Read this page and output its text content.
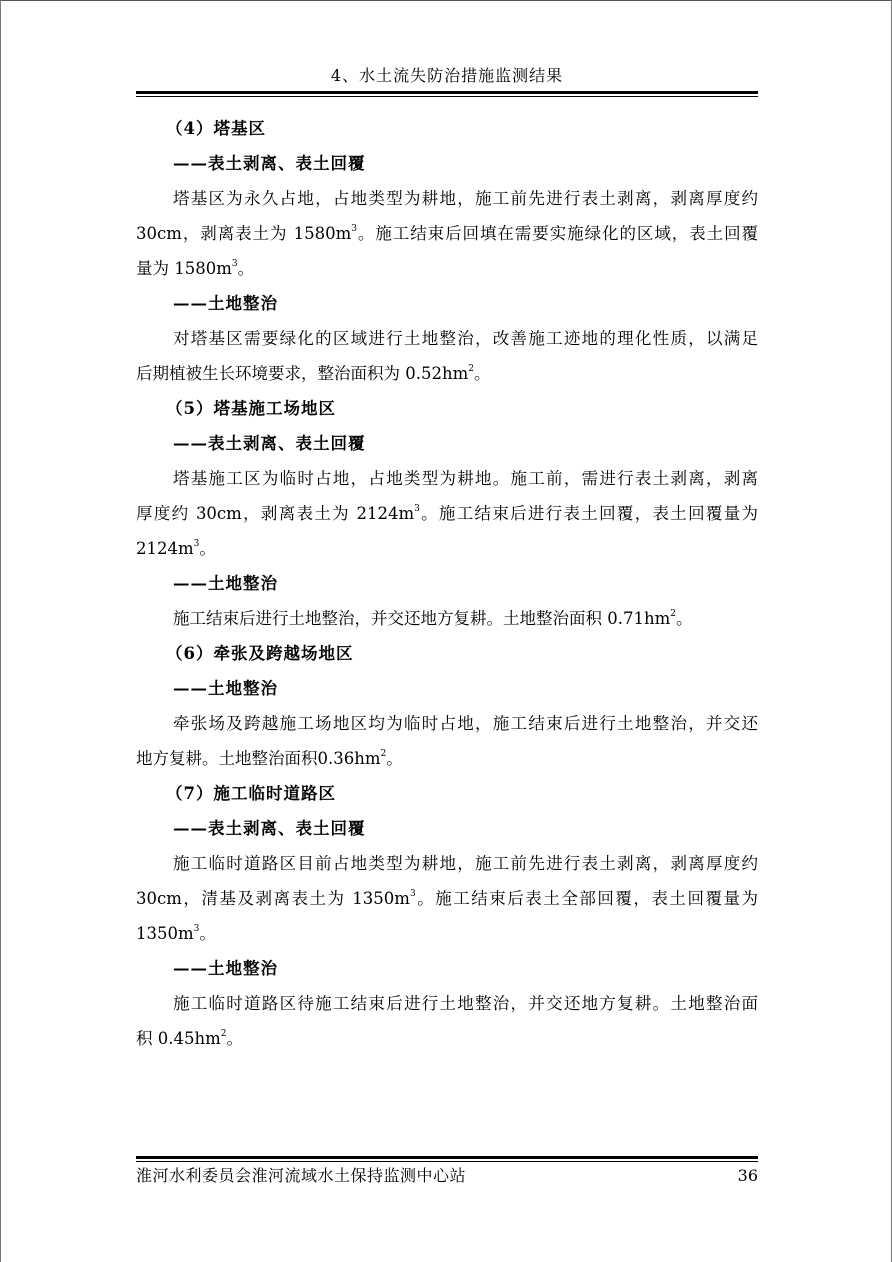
4、水土流失防治措施监测结果
（4）塔基区
——表土剥离、表土回覆
塔基区为永久占地，占地类型为耕地，施工前先进行表土剥离，剥离厚度约
30cm，剥离表土为 $1580m^3$。施工结束后回填在需要实施绿化的区域，表土回覆
量为 $1580m^3$。
——土地整治
对塔基区需要绿化的区域进行土地整治，改善施工迹地的理化性质，以满足
后期植被生长环境要求，整治面积为 $0.52hm^2$。
（5）塔基施工场地区
——表土剥离、表土回覆
塔基施工区为临时占地，占地类型为耕地。施工前，需进行表土剥离，剥离
厚度约 30cm，剥离表土为 $2124m^3$。施工结束后进行表土回覆，表土回覆量为
$2124m^3$。
——土地整治
施工结束后进行土地整治，并交还地方复耕。土地整治面积 $0.71hm^2$。
（6）牵张及跨越场地区
——土地整治
牵张场及跨越施工场地区均为临时占地，施工结束后进行土地整治，并交还
地方复耕。土地整治面积$0.36hm^2$。
（7）施工临时道路区
——表土剥离、表土回覆
施工临时道路区目前占地类型为耕地，施工前先进行表土剥离，剥离厚度约
30cm，清基及剥离表土为 $1350m^3$。施工结束后表土全部回覆，表土回覆量为
$1350m^3$。
——土地整治
施工临时道路区待施工结束后进行土地整治，并交还地方复耕。土地整治面
积 $0.45hm^2$。
淮河水利委员会淮河流域水土保持监测中心站	36
